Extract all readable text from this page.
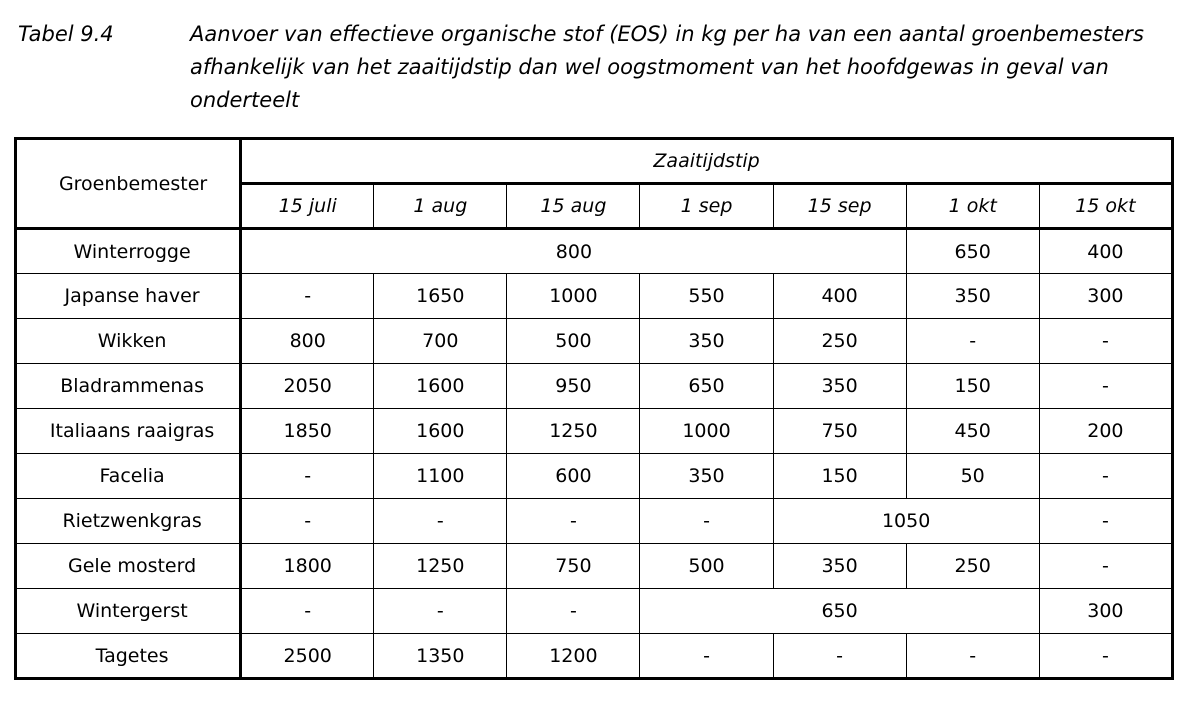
Tabel 9.4	Aanvoer van effectieve organische stof (EOS) in kg per ha van een aantal groenbemesters afhankelijk van het zaaitijdstip dan wel oogstmoment van het hoofdgewas in geval van onderteelt
Groenbemester	Zaaitijdstip						
	15 juli	1 aug	15 aug	1 sep	15 sep	1 okt	15 okt
Winterrogge	800					650	400
Japanse haver	-	1650	1000	550	400	350	300
Wikken	800	700	500	350	250	-	-
Bladrammenas	2050	1600	950	650	350	150	-
Italiaans raaigras	1850	1600	1250	1000	750	450	200
Facelia	-	1100	600	350	150	50	-
Rietzwenkgras	-	-	-	-	1050		-
Gele mosterd	1800	1250	750	500	350	250	-
Wintergerst	-	-	-	650			300
Tagetes	2500	1350	1200	-	-	-	-
